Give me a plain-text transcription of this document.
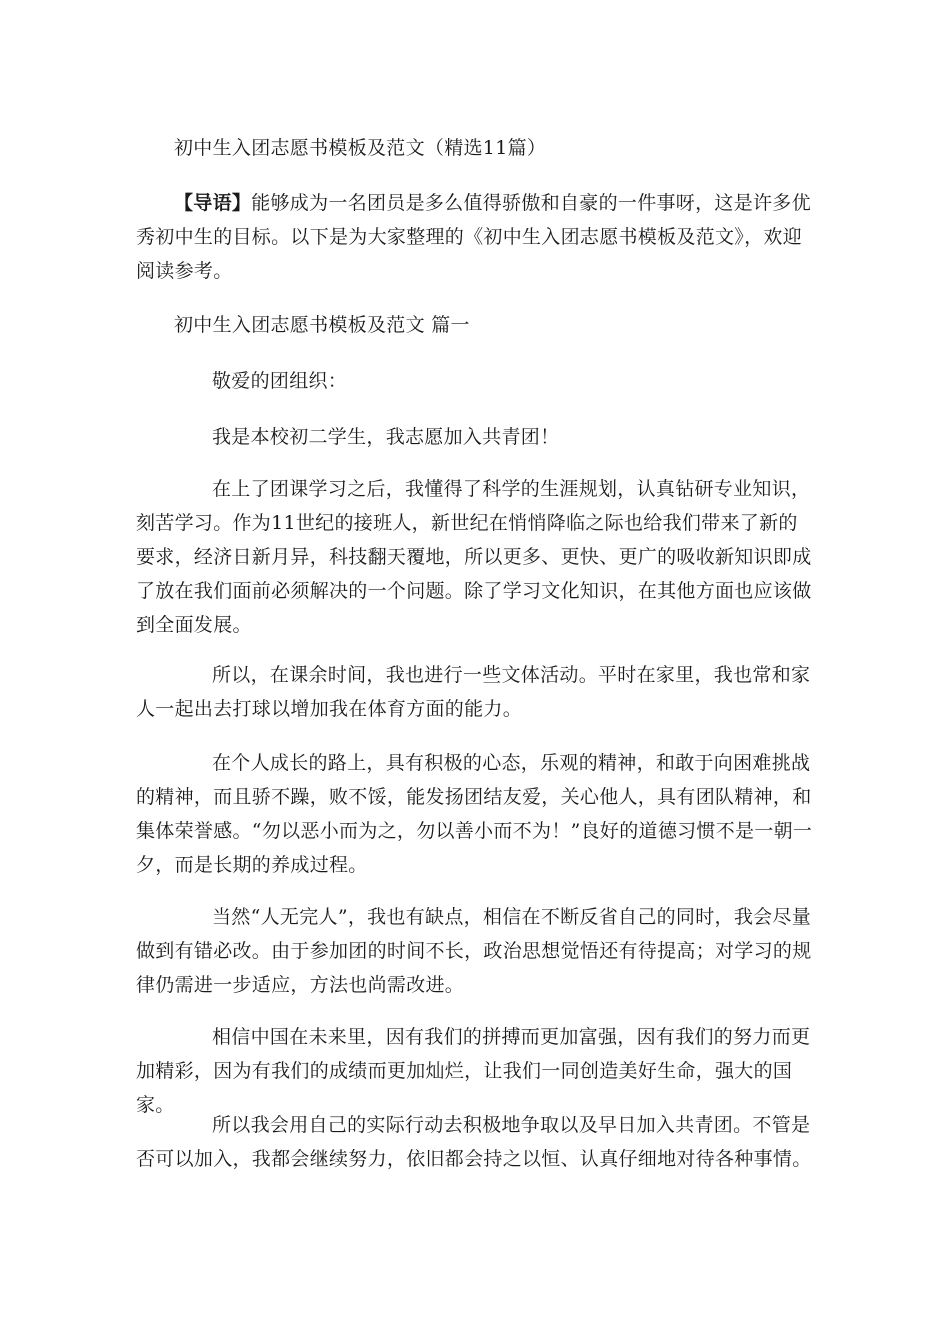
初中生入团志愿书模板及范文（精选11篇）

【导语】能够成为一名团员是多么值得骄傲和自豪的一件事呀，这是许多优秀初中生的目标。以下是为大家整理的《初中生入团志愿书模板及范文》，欢迎阅读参考。

初中生入团志愿书模板及范文 篇一

敬爱的团组织：

我是本校初二学生，我志愿加入共青团！

在上了团课学习之后，我懂得了科学的生涯规划，认真钻研专业知识，刻苦学习。作为11世纪的接班人，新世纪在悄悄降临之际也给我们带来了新的要求，经济日新月异，科技翻天覆地，所以更多、更快、更广的吸收新知识即成了放在我们面前必须解决的一个问题。除了学习文化知识，在其他方面也应该做到全面发展。

所以，在课余时间，我也进行一些文体活动。平时在家里，我也常和家人一起出去打球以增加我在体育方面的能力。

在个人成长的路上，具有积极的心态，乐观的精神，和敢于向困难挑战的精神，而且骄不躁，败不馁，能发扬团结友爱，关心他人，具有团队精神，和集体荣誉感。“勿以恶小而为之，勿以善小而不为！”良好的道德习惯不是一朝一夕，而是长期的养成过程。

当然“人无完人”，我也有缺点，相信在不断反省自己的同时，我会尽量做到有错必改。由于参加团的时间不长，政治思想觉悟还有待提高；对学习的规律仍需进一步适应，方法也尚需改进。

相信中国在未来里，因有我们的拼搏而更加富强，因有我们的努力而更加精彩，因为有我们的成绩而更加灿烂，让我们一同创造美好生命，强大的国家。

所以我会用自己的实际行动去积极地争取以及早日加入共青团。不管是否可以加入，我都会继续努力，依旧都会持之以恒、认真仔细地对待各种事情。
